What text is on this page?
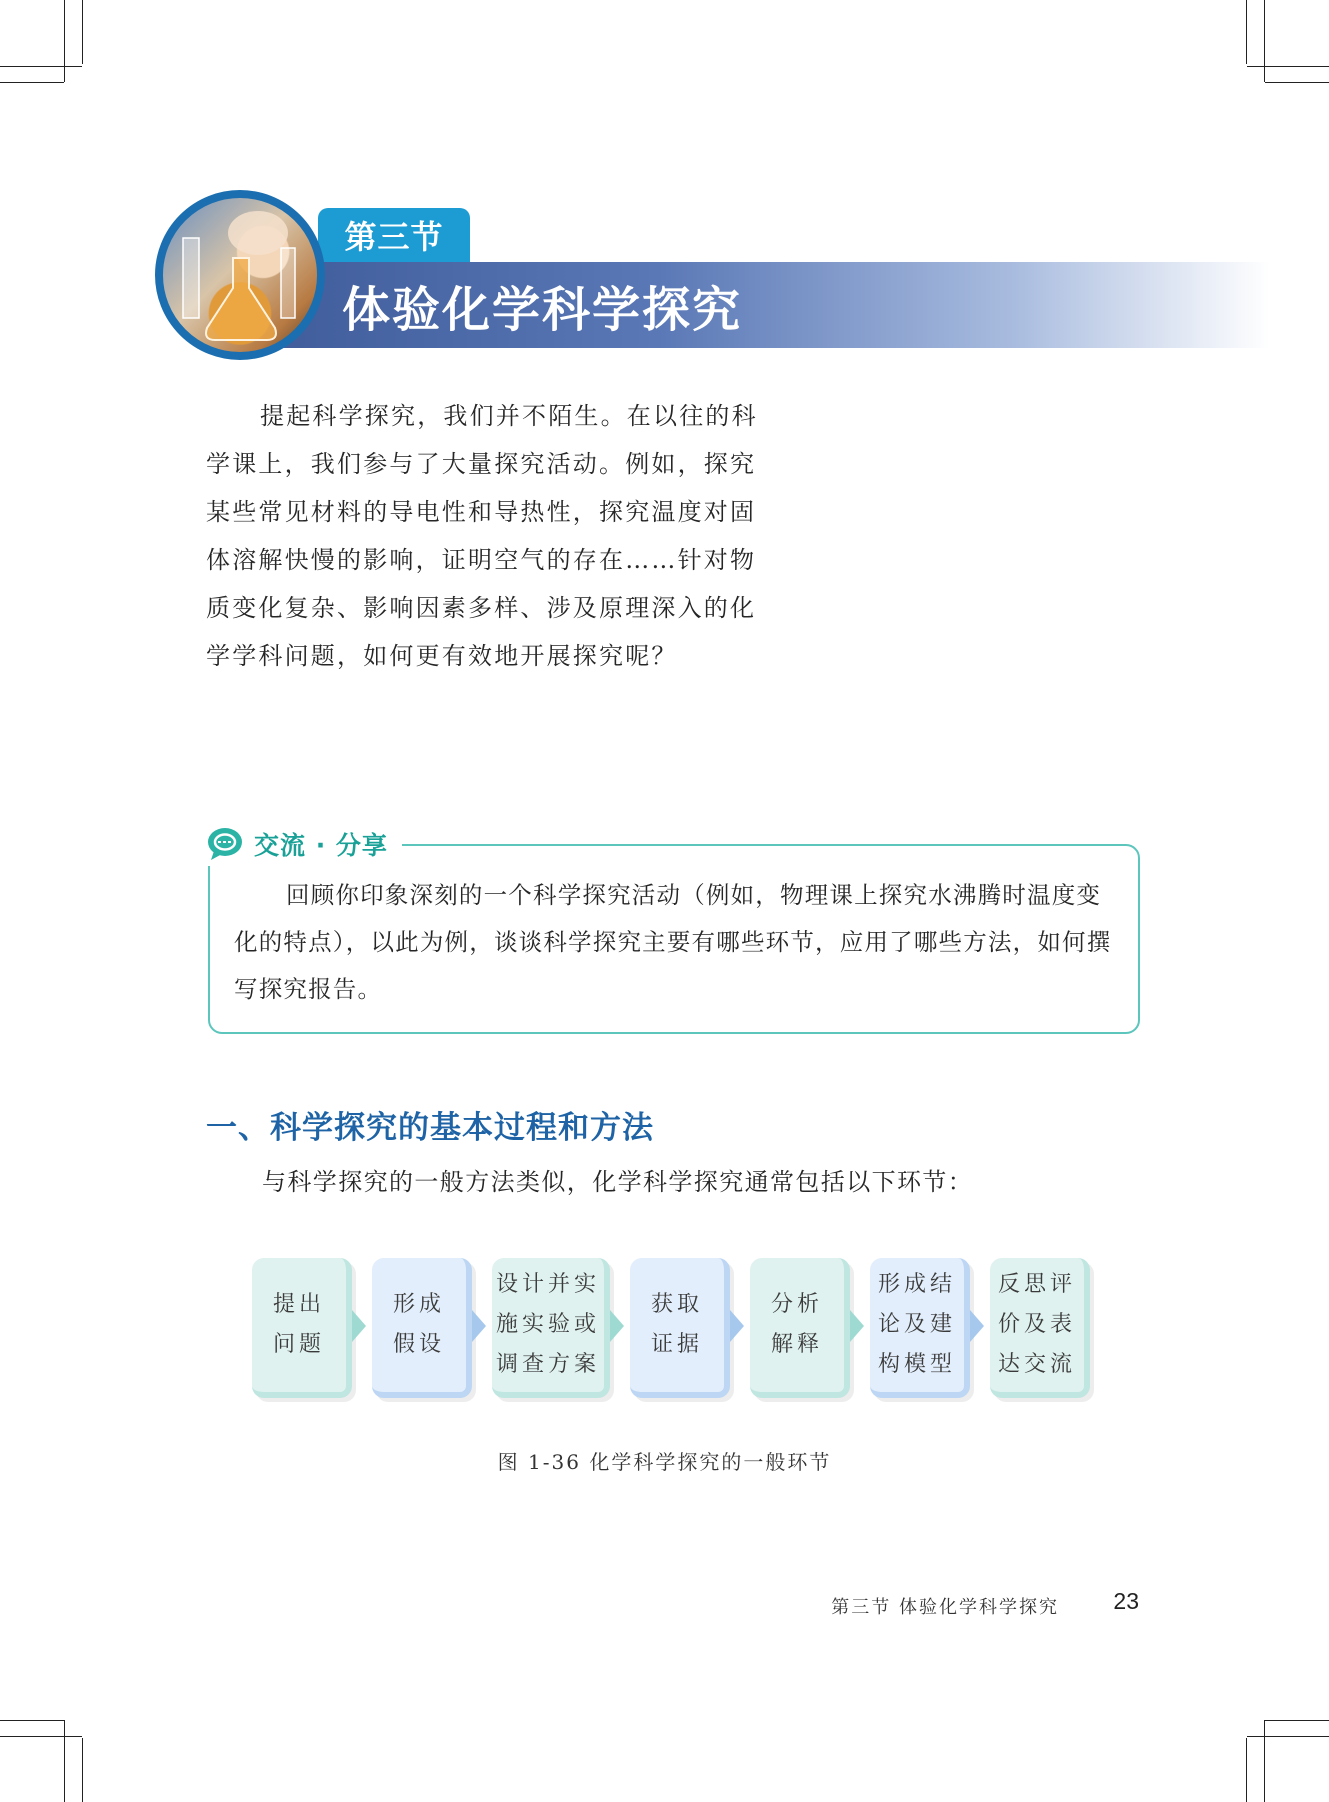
第三节
体验化学科学探究

提起科学探究，我们并不陌生。在以往的科学课上，我们参与了大量探究活动。例如，探究某些常见材料的导电性和导热性，探究温度对固体溶解快慢的影响，证明空气的存在……针对物质变化复杂、影响因素多样、涉及原理深入的化学学科问题，如何更有效地开展探究呢？

交流 · 分享

回顾你印象深刻的一个科学探究活动（例如，物理课上探究水沸腾时温度变化的特点），以此为例，谈谈科学探究主要有哪些环节，应用了哪些方法，如何撰写探究报告。

一、科学探究的基本过程和方法

与科学探究的一般方法类似，化学科学探究通常包括以下环节：

提出
问题
形成
假设
设计并实
施实验或
调查方案
获取
证据
分析
解释
形成结
论及建
构模型
反思评
价及表
达交流
图 1-36 化学科学探究的一般环节
第三节 体验化学科学探究 23
